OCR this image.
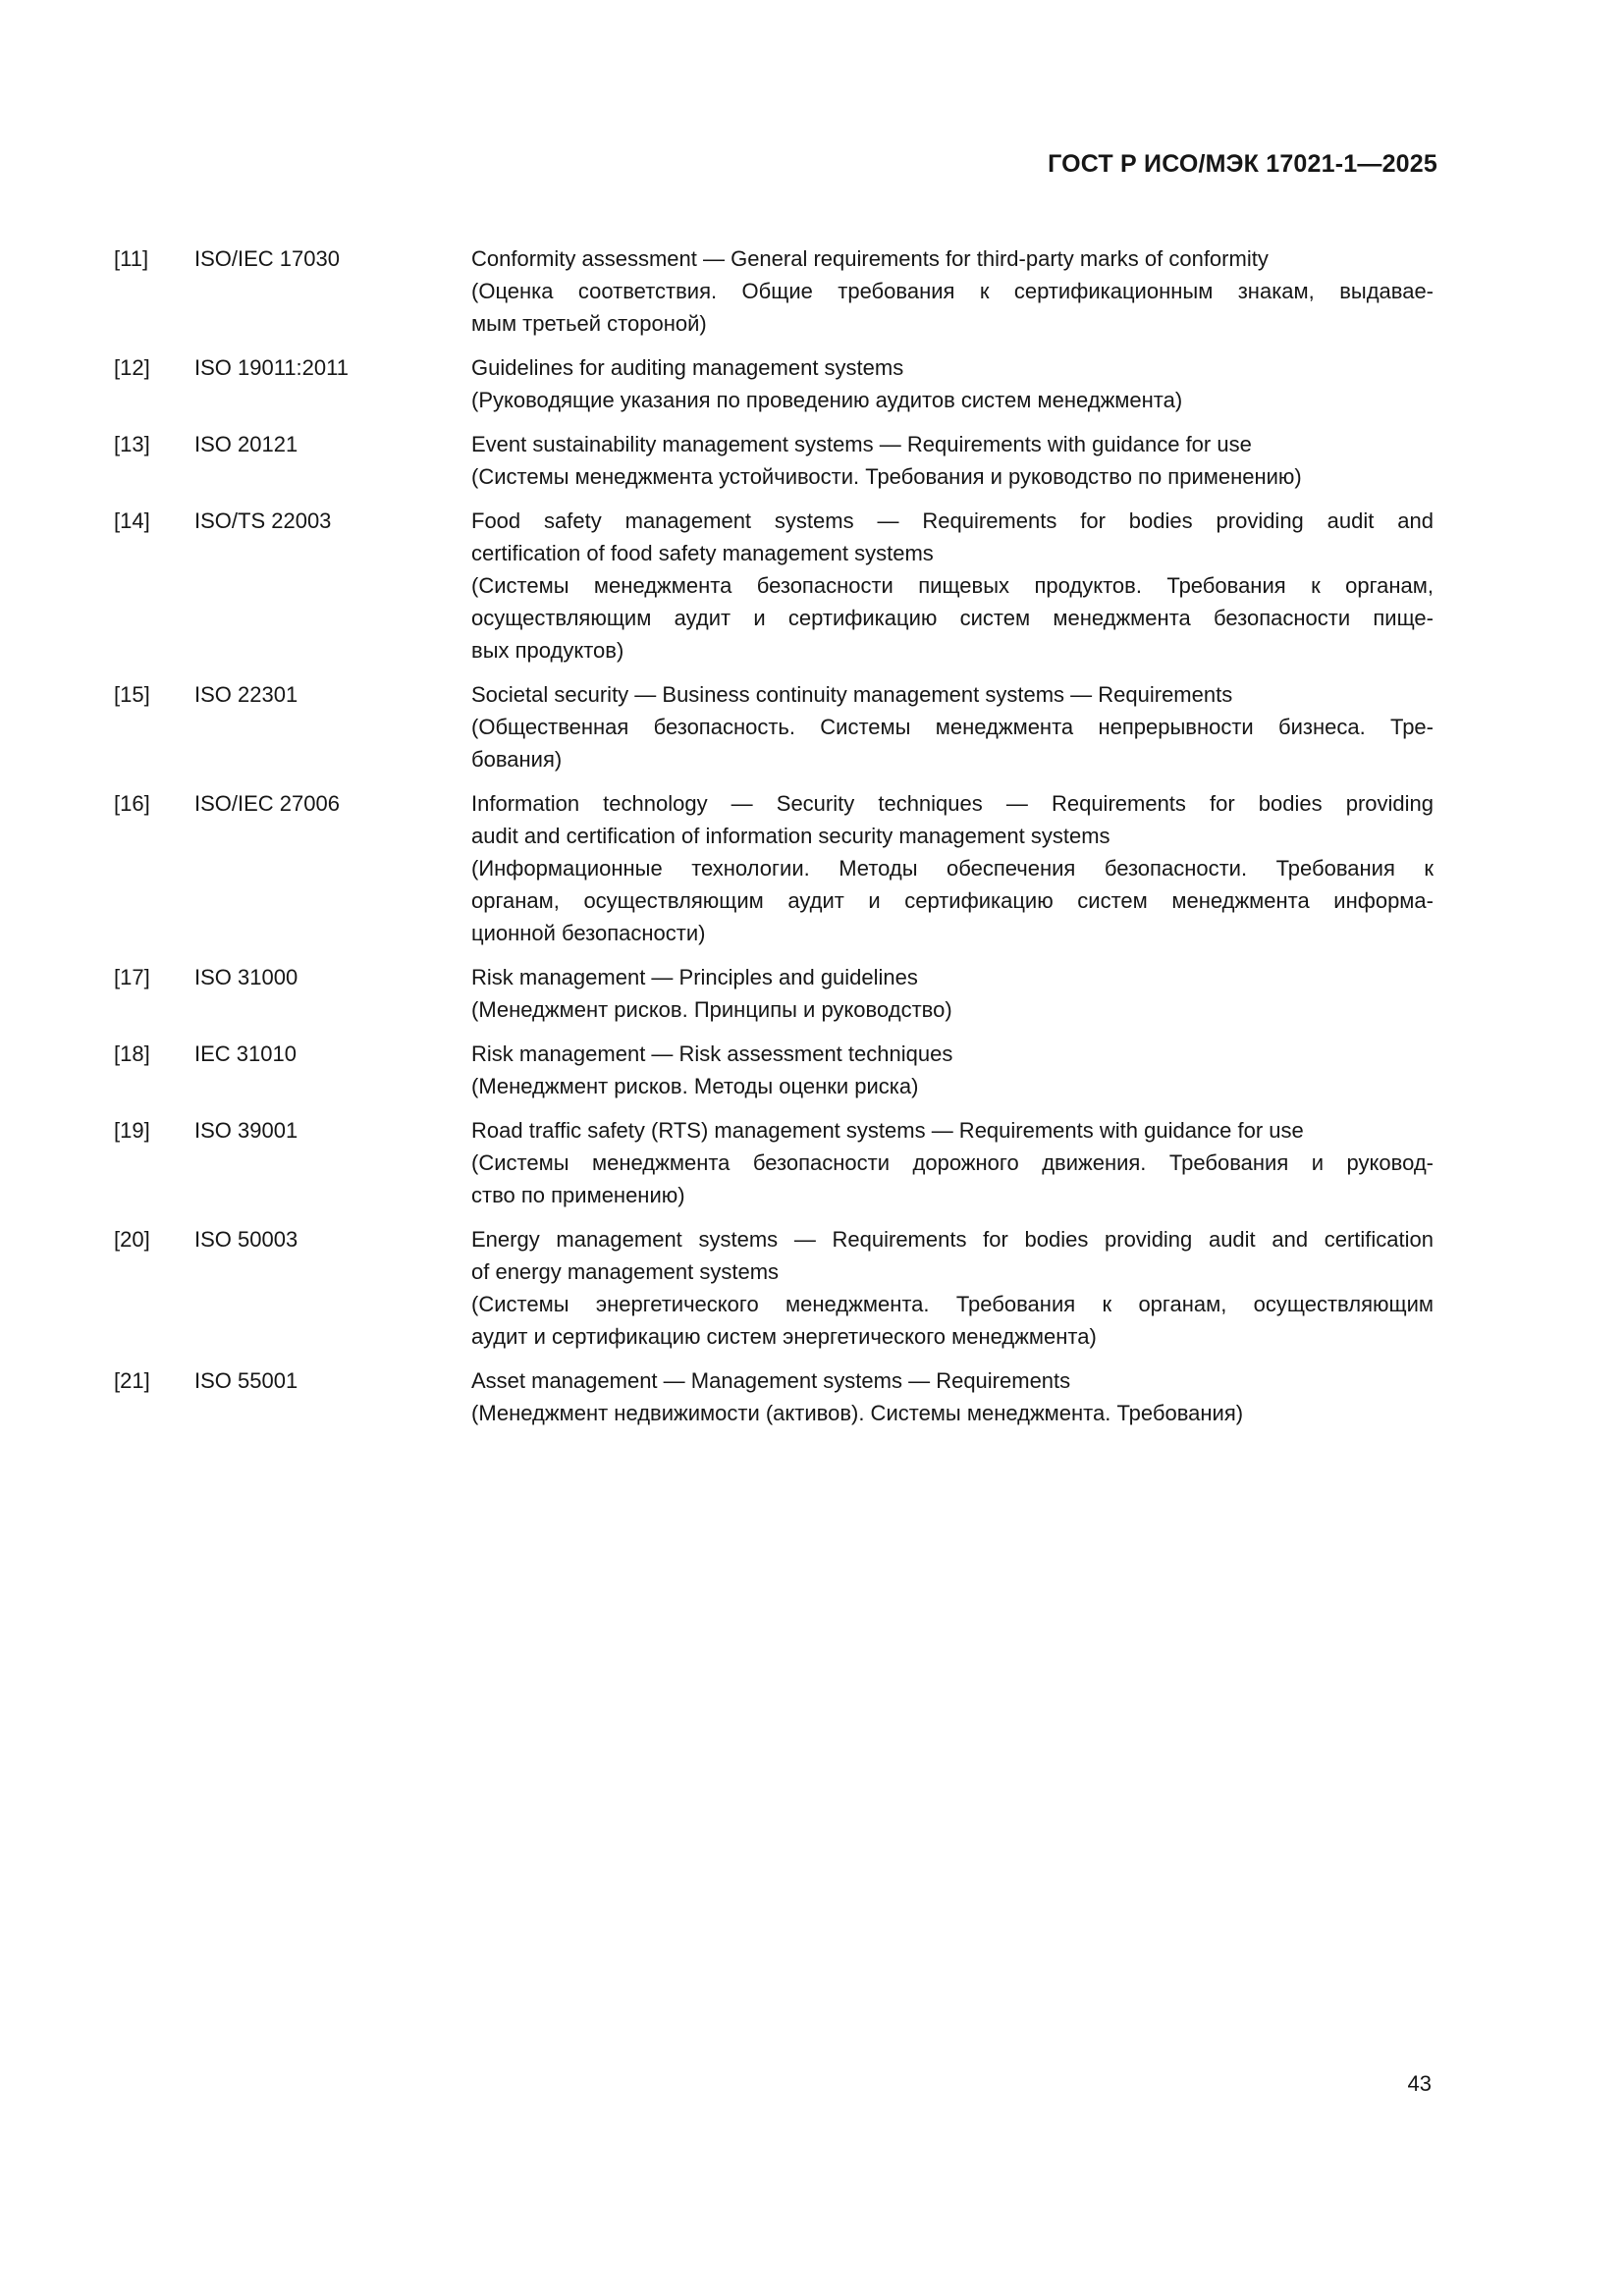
ГОСТ Р ИСО/МЭК 17021-1—2025
[11]	ISO/IEC 17030	Conformity assessment — General requirements for third-party marks of conformity
(Оценка соответствия. Общие требования к сертификационным знакам, выдавае-
мым третьей стороной)
[12]	ISO 19011:2011	Guidelines for auditing management systems
(Руководящие указания по проведению аудитов систем менеджмента)
[13]	ISO 20121	Event sustainability management systems — Requirements with guidance for use
(Системы менеджмента устойчивости. Требования и руководство по применению)
[14]	ISO/TS 22003	Food safety management systems — Requirements for bodies providing audit and
certification of food safety management systems
(Системы менеджмента безопасности пищевых продуктов. Требования к органам,
осуществляющим аудит и сертификацию систем менеджмента безопасности пище-
вых продуктов)
[15]	ISO 22301	Societal security — Business continuity management systems — Requirements
(Общественная безопасность. Системы менеджмента непрерывности бизнеса. Тре-
бования)
[16]	ISO/IEC 27006	Information technology — Security techniques — Requirements for bodies providing
audit and certification of information security management systems
(Информационные технологии. Методы обеспечения безопасности. Требования к
органам, осуществляющим аудит и сертификацию систем менеджмента информа-
ционной безопасности)
[17]	ISO 31000	Risk management — Principles and guidelines
(Менеджмент рисков. Принципы и руководство)
[18]	IEC 31010	Risk management — Risk assessment techniques
(Менеджмент рисков. Методы оценки риска)
[19]	ISO 39001	Road traffic safety (RTS) management systems — Requirements with guidance for use
(Системы менеджмента безопасности дорожного движения. Требования и руковод-
ство по применению)
[20]	ISO 50003	Energy management systems — Requirements for bodies providing audit and certification
of energy management systems
(Системы энергетического менеджмента. Требования к органам, осуществляющим
аудит и сертификацию систем энергетического менеджмента)
[21]	ISO 55001	Asset management — Management systems — Requirements
(Менеджмент недвижимости (активов). Системы менеджмента. Требования)
43
